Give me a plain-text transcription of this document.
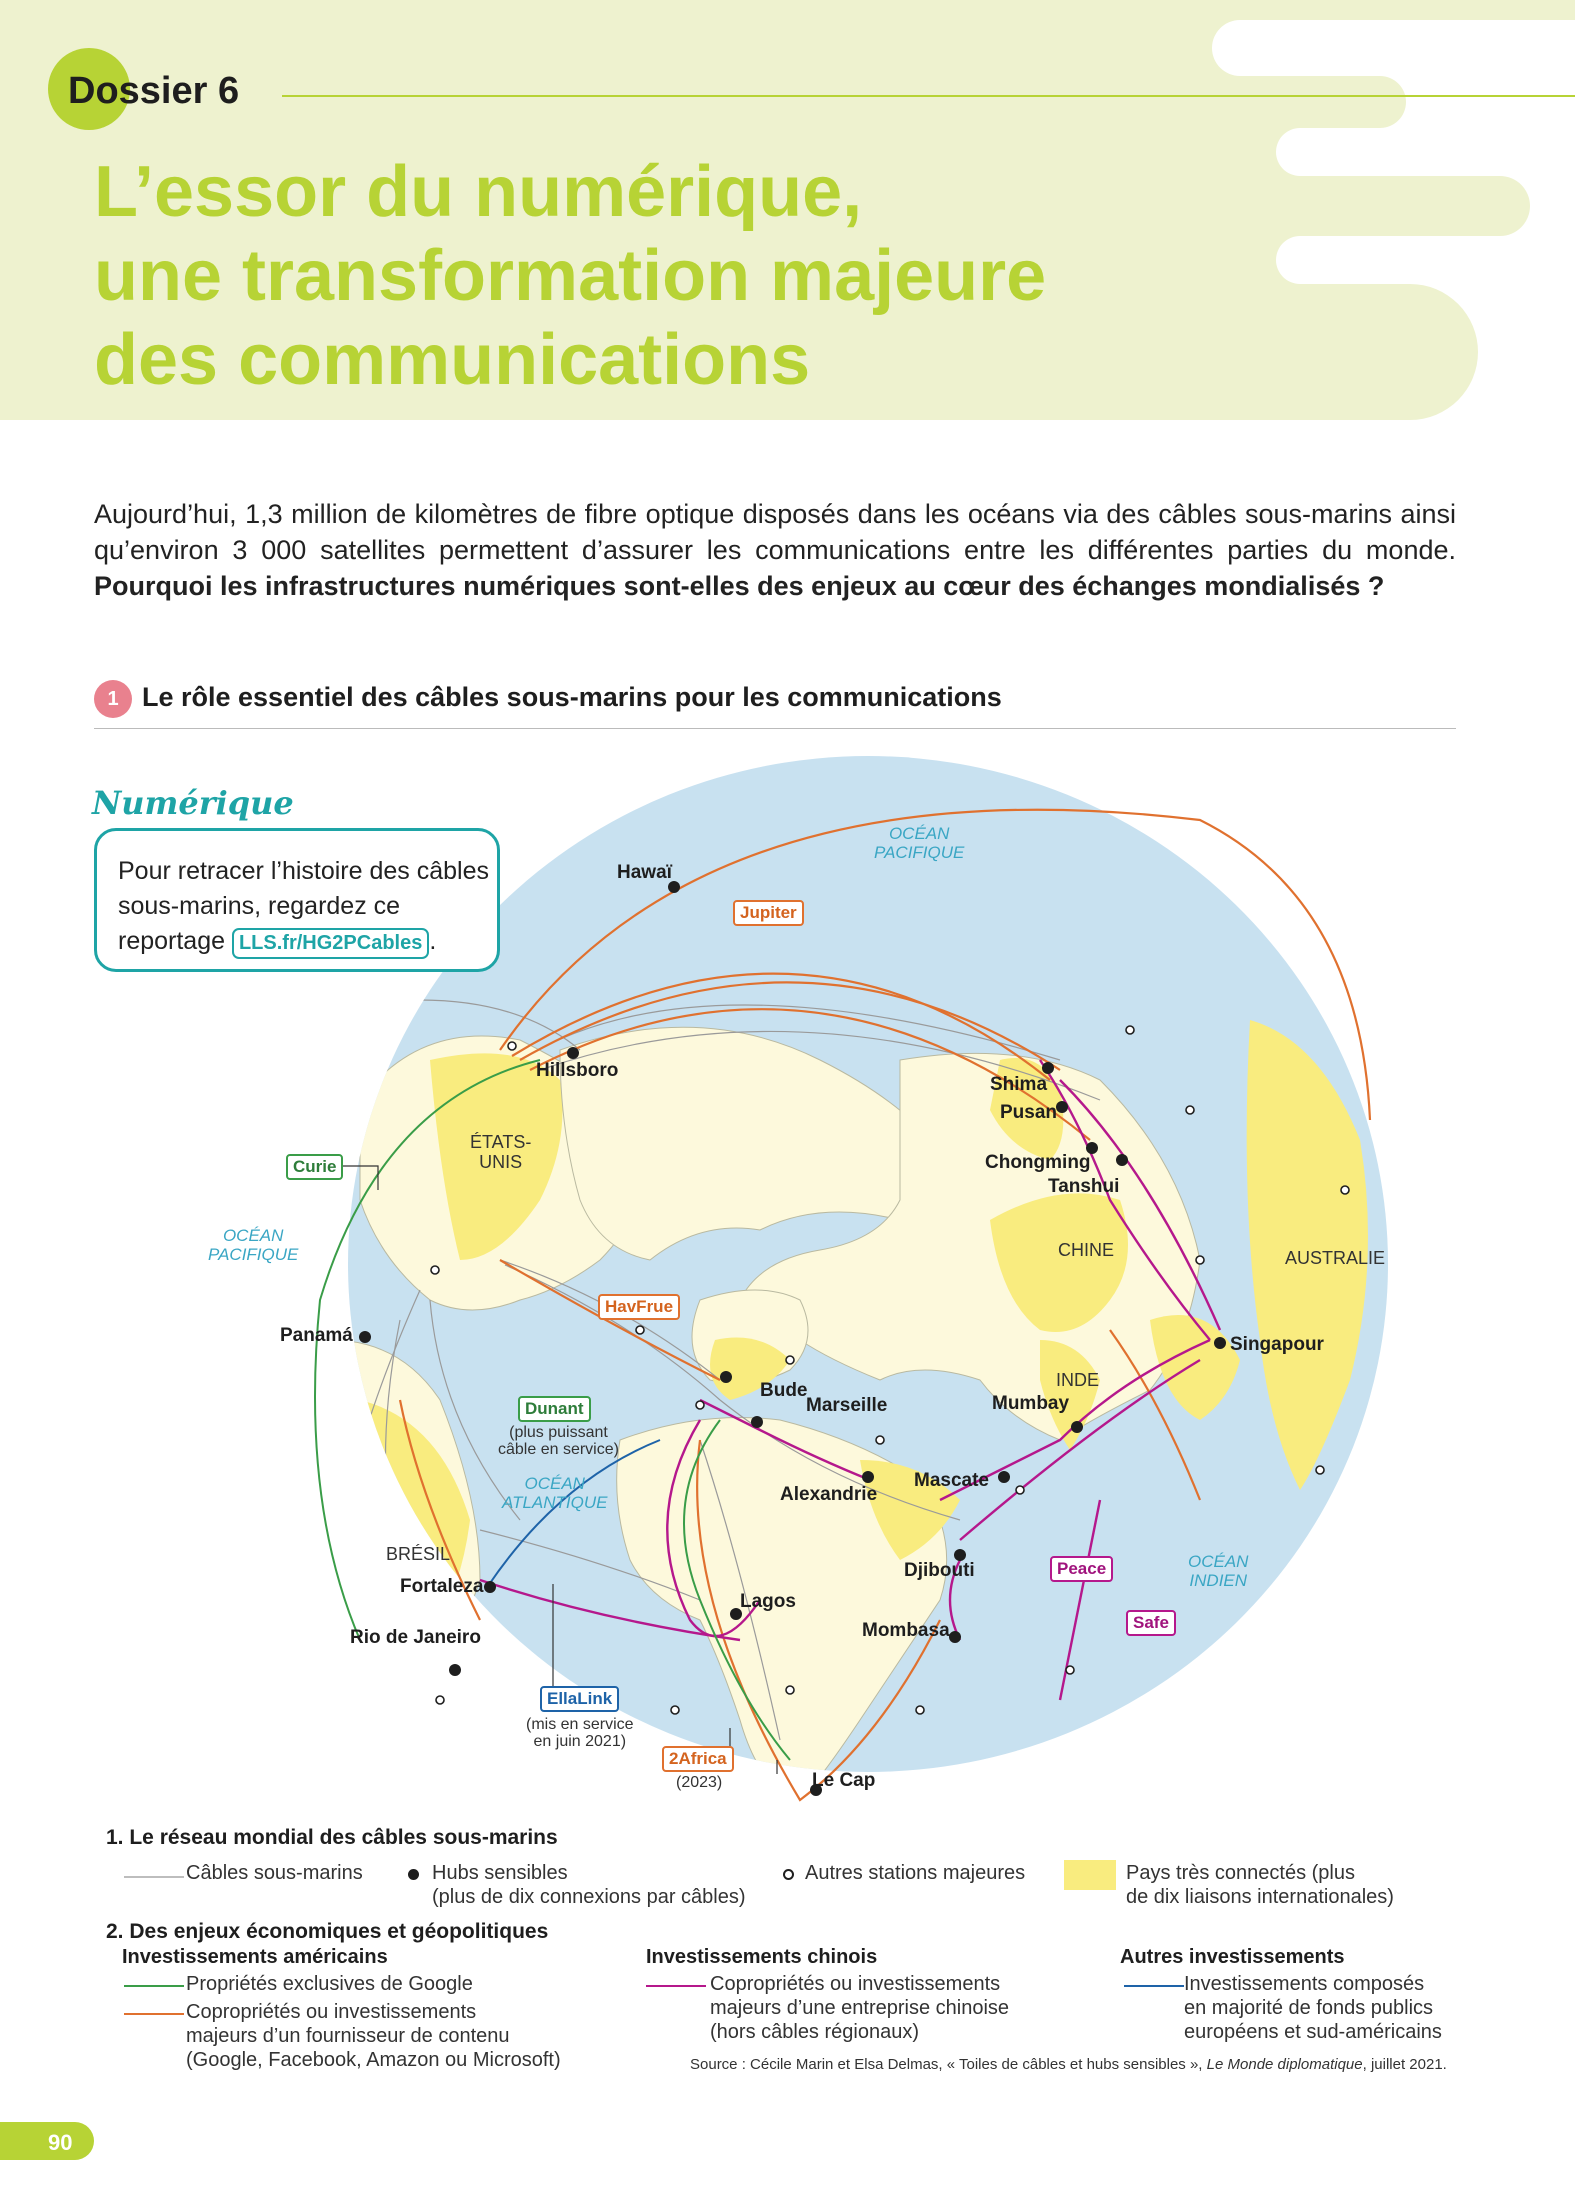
Dossier 6
L’essor du numérique,
une transformation majeure
des communications

Aujourd’hui, 1,3 million de kilomètres de fibre optique disposés dans les océans via des câbles sous-marins ainsi qu’environ 3 000 satellites permettent d’assurer les communications entre les différentes parties du monde. Pourquoi les infrastructures numériques sont-elles des enjeux au cœur des échanges mondialisés ?

1 Le rôle essentiel des câbles sous-marins pour les communications
Hawaï
Hillsboro
Shima
Pusan
Chongming
Tanshui
Singapour
Panamá
Bude
Marseille	Mumbay
Mascate
Alexandrie
Djibouti
Fortaleza
Rio de Janeiro
Lagos
Mombasa
Le Cap
ÉTATS-
UNIS
CHINE
INDE
AUSTRALIE
BRÉSIL
OCÉAN
PACIFIQUE
OCÉAN
PACIFIQUE
OCÉAN
ATLANTIQUE
OCÉAN
INDIEN
Jupiter
Curie
HavFrue
Dunant
(plus puissant
câble en service)
Peace
Safe
EllaLink
(mis en service
en juin 2021)
2Africa
(2023)
Numérique
Pour retracer l’histoire des câbles sous-marins, regardez ce reportage LLS.fr/HG2PCables .
1. Le réseau mondial des câbles sous-marins
Câbles sous-marins	Hubs sensibles
(plus de dix connexions par câbles)
Autres stations majeures	Pays très connectés (plus
de dix liaisons internationales)
2. Des enjeux économiques et géopolitiques
Investissements américains
Propriétés exclusives de Google
Copropriétés ou investissements
majeurs d’un fournisseur de contenu
(Google, Facebook, Amazon ou Microsoft)
Investissements chinois
Copropriétés ou investissements
majeurs d’une entreprise chinoise
(hors câbles régionaux)
Autres investissements
Investissements composés
en majorité de fonds publics
européens et sud-américains
Source : Cécile Marin et Elsa Delmas, « Toiles de câbles et hubs sensibles », Le Monde diplomatique, juillet 2021.
90
